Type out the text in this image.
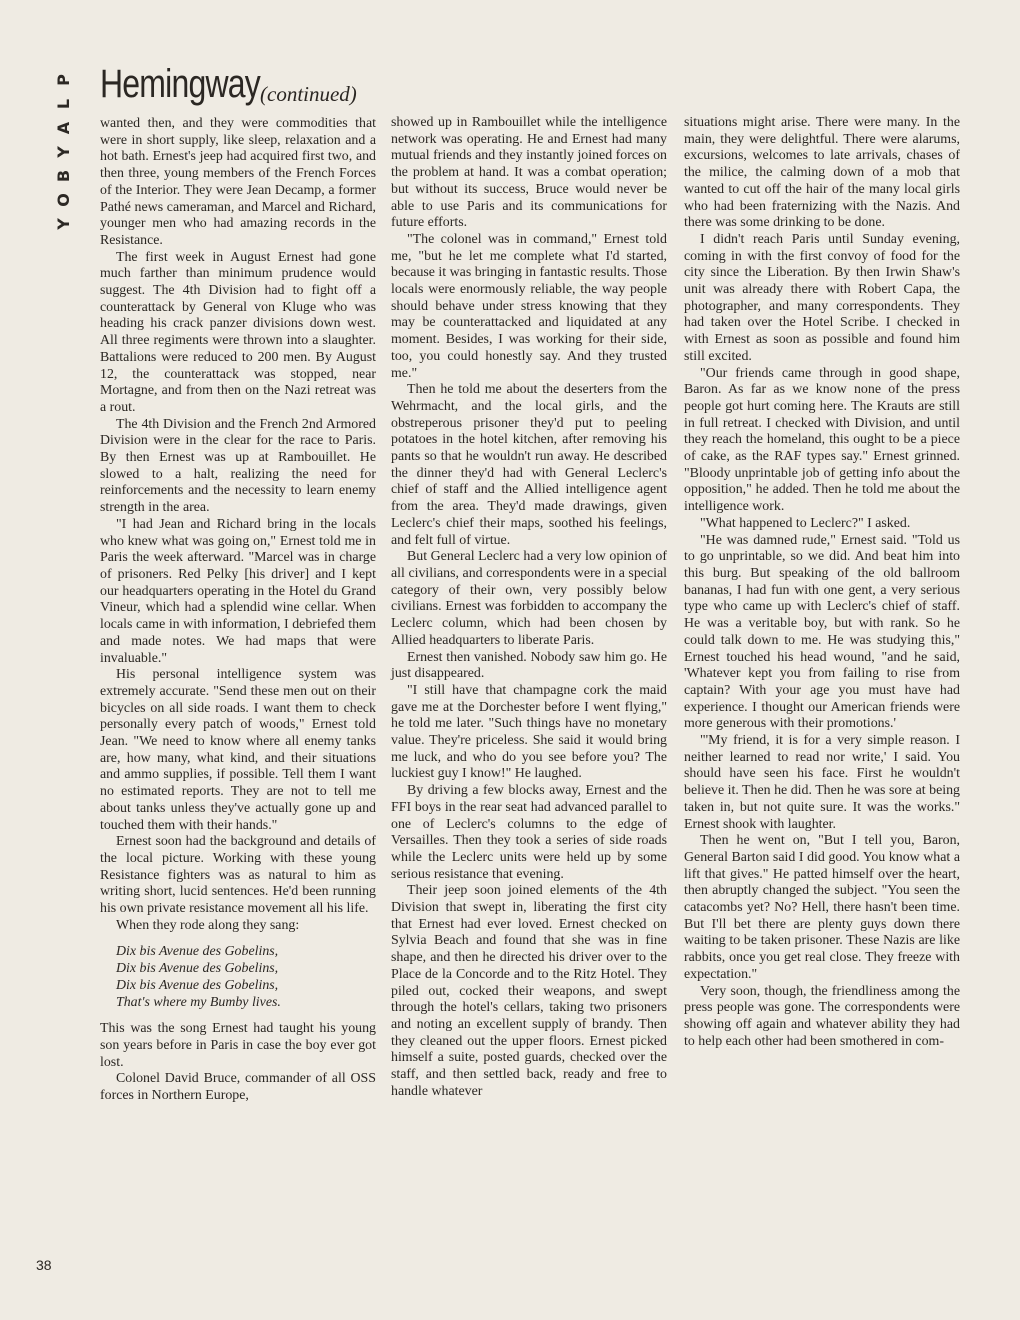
P
L
A
Y
B
O
Y
Hemingway (continued)

wanted then, and they were commodities that were in short supply, like sleep, relaxation and a hot bath. Ernest's jeep had acquired first two, and then three, young members of the French Forces of the Interior. They were Jean Decamp, a former Pathé news cameraman, and Marcel and Richard, younger men who had amazing records in the Resistance.

The first week in August Ernest had gone much farther than minimum prudence would suggest. The 4th Division had to fight off a counterattack by General von Kluge who was heading his crack panzer divisions down west. All three regiments were thrown into a slaughter. Battalions were reduced to 200 men. By August 12, the counterattack was stopped, near Mortagne, and from then on the Nazi retreat was a rout.

The 4th Division and the French 2nd Armored Division were in the clear for the race to Paris. By then Ernest was up at Rambouillet. He slowed to a halt, realizing the need for reinforcements and the necessity to learn enemy strength in the area.

"I had Jean and Richard bring in the locals who knew what was going on," Ernest told me in Paris the week afterward. "Marcel was in charge of prisoners. Red Pelky [his driver] and I kept our headquarters operating in the Hotel du Grand Vineur, which had a splendid wine cellar. When locals came in with information, I debriefed them and made notes. We had maps that were invaluable."

His personal intelligence system was extremely accurate. "Send these men out on their bicycles on all side roads. I want them to check personally every patch of woods," Ernest told Jean. "We need to know where all enemy tanks are, how many, what kind, and their situations and ammo supplies, if possible. Tell them I want no estimated reports. They are not to tell me about tanks unless they've actually gone up and touched them with their hands."

Ernest soon had the background and details of the local picture. Working with these young Resistance fighters was as natural to him as writing short, lucid sentences. He'd been running his own private resistance movement all his life.

When they rode along they sang:

Dix bis Avenue des Gobelins,
Dix bis Avenue des Gobelins,
Dix bis Avenue des Gobelins,
That's where my Bumby lives.

This was the song Ernest had taught his young son years before in Paris in case the boy ever got lost.

Colonel David Bruce, commander of all OSS forces in Northern Europe,

showed up in Rambouillet while the intelligence network was operating. He and Ernest had many mutual friends and they instantly joined forces on the problem at hand. It was a combat operation; but without its success, Bruce would never be able to use Paris and its communications for future efforts.

"The colonel was in command," Ernest told me, "but he let me complete what I'd started, because it was bringing in fantastic results. Those locals were enormously reliable, the way people should behave under stress knowing that they may be counterattacked and liquidated at any moment. Besides, I was working for their side, too, you could honestly say. And they trusted me."

Then he told me about the deserters from the Wehrmacht, and the local girls, and the obstreperous prisoner they'd put to peeling potatoes in the hotel kitchen, after removing his pants so that he wouldn't run away. He described the dinner they'd had with General Leclerc's chief of staff and the Allied intelligence agent from the area. They'd made drawings, given Leclerc's chief their maps, soothed his feelings, and felt full of virtue.

But General Leclerc had a very low opinion of all civilians, and correspondents were in a special category of their own, very possibly below civilians. Ernest was forbidden to accompany the Leclerc column, which had been chosen by Allied headquarters to liberate Paris.

Ernest then vanished. Nobody saw him go. He just disappeared.

"I still have that champagne cork the maid gave me at the Dorchester before I went flying," he told me later. "Such things have no monetary value. They're priceless. She said it would bring me luck, and who do you see before you? The luckiest guy I know!" He laughed.

By driving a few blocks away, Ernest and the FFI boys in the rear seat had advanced parallel to one of Leclerc's columns to the edge of Versailles. Then they took a series of side roads while the Leclerc units were held up by some serious resistance that evening.

Their jeep soon joined elements of the 4th Division that swept in, liberating the first city that Ernest had ever loved. Ernest checked on Sylvia Beach and found that she was in fine shape, and then he directed his driver over to the Place de la Concorde and to the Ritz Hotel. They piled out, cocked their weapons, and swept through the hotel's cellars, taking two prisoners and noting an excellent supply of brandy. Then they cleaned out the upper floors. Ernest picked himself a suite, posted guards, checked over the staff, and then settled back, ready and free to handle whatever

situations might arise. There were many. In the main, they were delightful. There were alarums, excursions, welcomes to late arrivals, chases of the milice, the calming down of a mob that wanted to cut off the hair of the many local girls who had been fraternizing with the Nazis. And there was some drinking to be done.

I didn't reach Paris until Sunday evening, coming in with the first convoy of food for the city since the Liberation. By then Irwin Shaw's unit was already there with Robert Capa, the photographer, and many correspondents. They had taken over the Hotel Scribe. I checked in with Ernest as soon as possible and found him still excited.

"Our friends came through in good shape, Baron. As far as we know none of the press people got hurt coming here. The Krauts are still in full retreat. I checked with Division, and until they reach the homeland, this ought to be a piece of cake, as the RAF types say." Ernest grinned. "Bloody unprintable job of getting info about the opposition," he added. Then he told me about the intelligence work.

"What happened to Leclerc?" I asked.

"He was damned rude," Ernest said. "Told us to go unprintable, so we did. And beat him into this burg. But speaking of the old ballroom bananas, I had fun with one gent, a very serious type who came up with Leclerc's chief of staff. He was a veritable boy, but with rank. So he could talk down to me. He was studying this," Ernest touched his head wound, "and he said, 'Whatever kept you from failing to rise from captain? With your age you must have had experience. I thought our American friends were more generous with their promotions.'

"'My friend, it is for a very simple reason. I neither learned to read nor write,' I said. You should have seen his face. First he wouldn't believe it. Then he did. Then he was sore at being taken in, but not quite sure. It was the works." Ernest shook with laughter.

Then he went on, "But I tell you, Baron, General Barton said I did good. You know what a lift that gives." He patted himself over the heart, then abruptly changed the subject. "You seen the catacombs yet? No? Hell, there hasn't been time. But I'll bet there are plenty guys down there waiting to be taken prisoner. These Nazis are like rabbits, once you get real close. They freeze with expectation."

Very soon, though, the friendliness among the press people was gone. The correspondents were showing off again and whatever ability they had to help each other had been smothered in com-

38
